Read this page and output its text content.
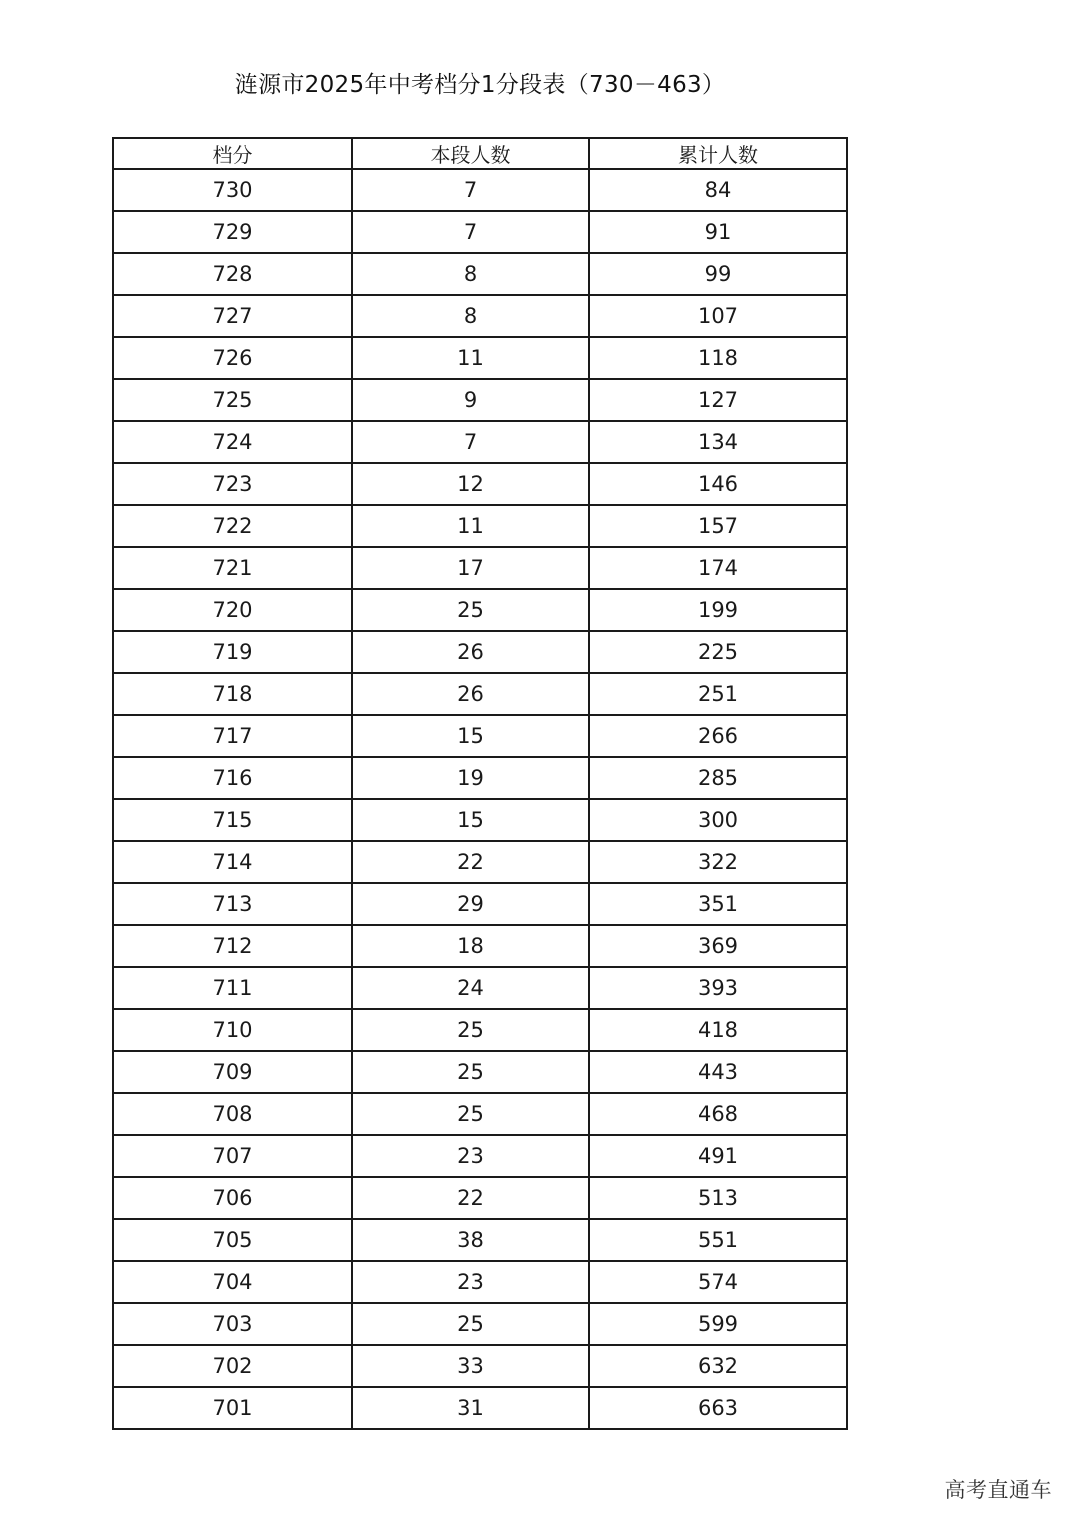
涟源市2025年中考档分1分段表（730－463）
档分	本段人数	累计人数
730	7	84
729	7	91
728	8	99
727	8	107
726	11	118
725	9	127
724	7	134
723	12	146
722	11	157
721	17	174
720	25	199
719	26	225
718	26	251
717	15	266
716	19	285
715	15	300
714	22	322
713	29	351
712	18	369
711	24	393
710	25	418
709	25	443
708	25	468
707	23	491
706	22	513
705	38	551
704	23	574
703	25	599
702	33	632
701	31	663
高考直通车
